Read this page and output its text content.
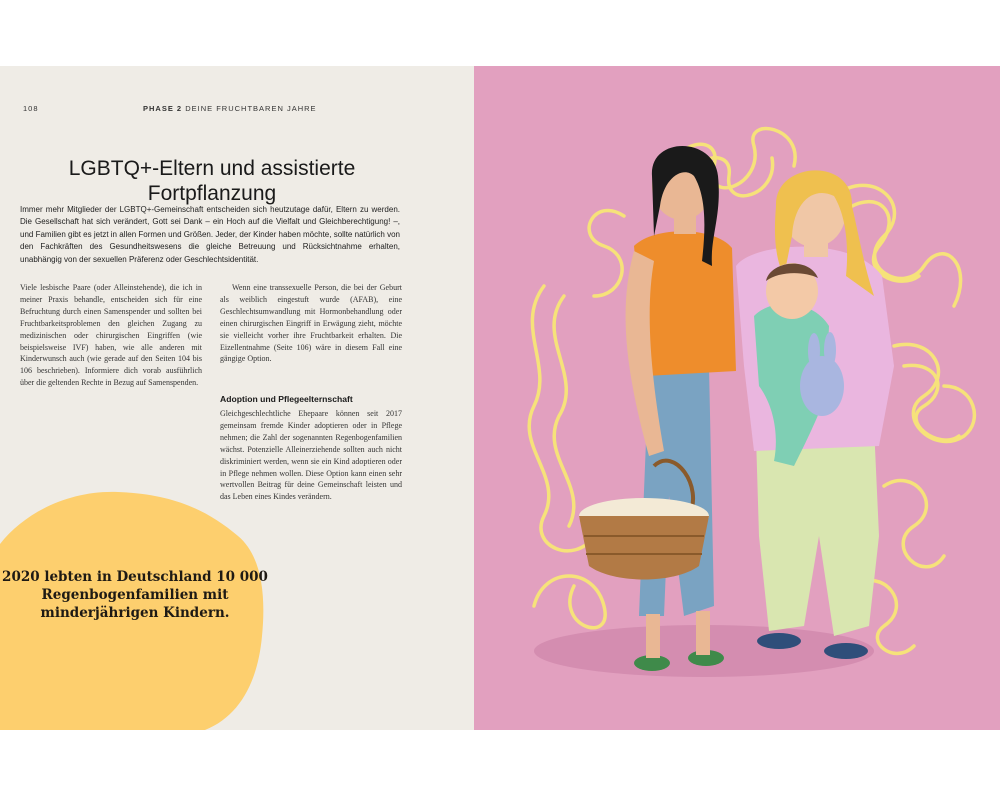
108	PHASE 2 DEINE FRUCHTBAREN JAHRE
LGBTQ+-Eltern und assistierte Fortpflanzung

Immer mehr Mitglieder der LGBTQ+-Gemeinschaft entscheiden sich heutzutage dafür, Eltern zu werden. Die Gesellschaft hat sich verändert, Gott sei Dank – ein Hoch auf die Vielfalt und Gleichberechtigung! –, und Familien gibt es jetzt in allen Formen und Größen. Jeder, der Kinder haben möchte, sollte natürlich von den Fachkräften des Gesundheitswesens die gleiche Betreuung und Rücksichtnahme erhalten, unabhängig von der sexuellen Präferenz oder Geschlechtsidentität.

Viele lesbische Paare (oder Alleinstehende), die ich in meiner Praxis behandle, entscheiden sich für eine Befruchtung durch einen Samenspender und sollten bei Fruchtbarkeitsproblemen den gleichen Zugang zu medizinischen oder chirurgischen Eingriffen (wie beispielsweise IVF) haben, wie alle anderen mit Kinderwunsch auch (wie gerade auf den Seiten 104 bis 106 beschrieben). Informiere dich vorab ausführlich über die geltenden Rechte in Bezug auf Samenspenden.

Wenn eine transsexuelle Person, die bei der Geburt als weiblich eingestuft wurde (AFAB), eine Geschlechtsumwandlung mit Hormonbehandlung oder einen chirurgischen Eingriff in Erwägung zieht, möchte sie vielleicht vorher ihre Fruchtbarkeit erhalten. Die Eizellentnahme (Seite 106) wäre in diesem Fall eine gängige Option.

Adoption und Pflegeelternschaft

Gleichgeschlechtliche Ehepaare können seit 2017 gemeinsam fremde Kinder adoptieren oder in Pflege nehmen; die Zahl der sogenannten Regenbogenfamilien wächst. Potenzielle Alleinerziehende sollten auch nicht diskriminiert werden, wenn sie ein Kind adoptieren oder in Pflege nehmen wollen. Diese Option kann einen sehr wertvollen Beitrag für deine Gemeinschaft leisten und das Leben eines Kindes verändern.

2020 lebten in Deutschland 10 000 Regenbogenfamilien mit minderjährigen Kindern.
